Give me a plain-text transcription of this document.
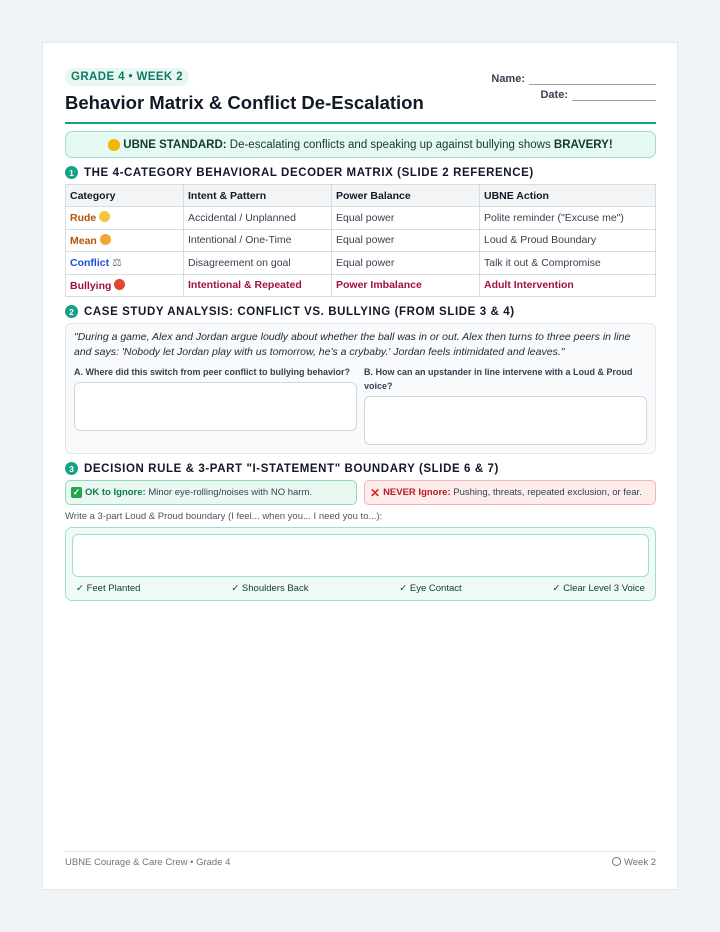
GRADE 4 • WEEK 2
Behavior Matrix & Conflict De-Escalation
Name:
Date:
UBNE STANDARD:
De-escalating conflicts and speaking up against bullying shows
BRAVERY!
1 THE 4-CATEGORY BEHAVIORAL DECODER MATRIX (SLIDE 2 REFERENCE)
Category	Intent & Pattern	Power Balance	UBNE Action
Rude	Accidental / Unplanned	Equal power	Polite reminder ("Excuse me")
Mean	Intentional / One-Time	Equal power	Loud & Proud Boundary
Conflict ⚖	Disagreement on goal	Equal power	Talk it out & Compromise
Bullying	Intentional & Repeated	Power Imbalance	Adult Intervention
2 CASE STUDY ANALYSIS: CONFLICT VS. BULLYING (FROM SLIDE 3 & 4)
"During a game, Alex and Jordan argue loudly about whether the ball was in or out. Alex then turns to three peers in line and says: 'Nobody let Jordan play with us tomorrow, he's a crybaby.' Jordan feels intimidated and leaves."
A. Where did this switch from peer conflict to bullying behavior?	B. How can an upstander in line intervene with a Loud & Proud voice?
3 DECISION RULE & 3-PART "I-STATEMENT" BOUNDARY (SLIDE 6 & 7)
✓ OK to Ignore:
Minor eye-rolling/noises with NO harm.	✕ NEVER Ignore:
Pushing, threats, repeated exclusion, or fear.
Write a 3-part Loud & Proud boundary (I feel... when you... I need you to...):
✓ Feet Planted	✓ Shoulders Back	✓ Eye Contact	✓ Clear Level 3 Voice
UBNE Courage & Care Crew • Grade 4	Week 2
